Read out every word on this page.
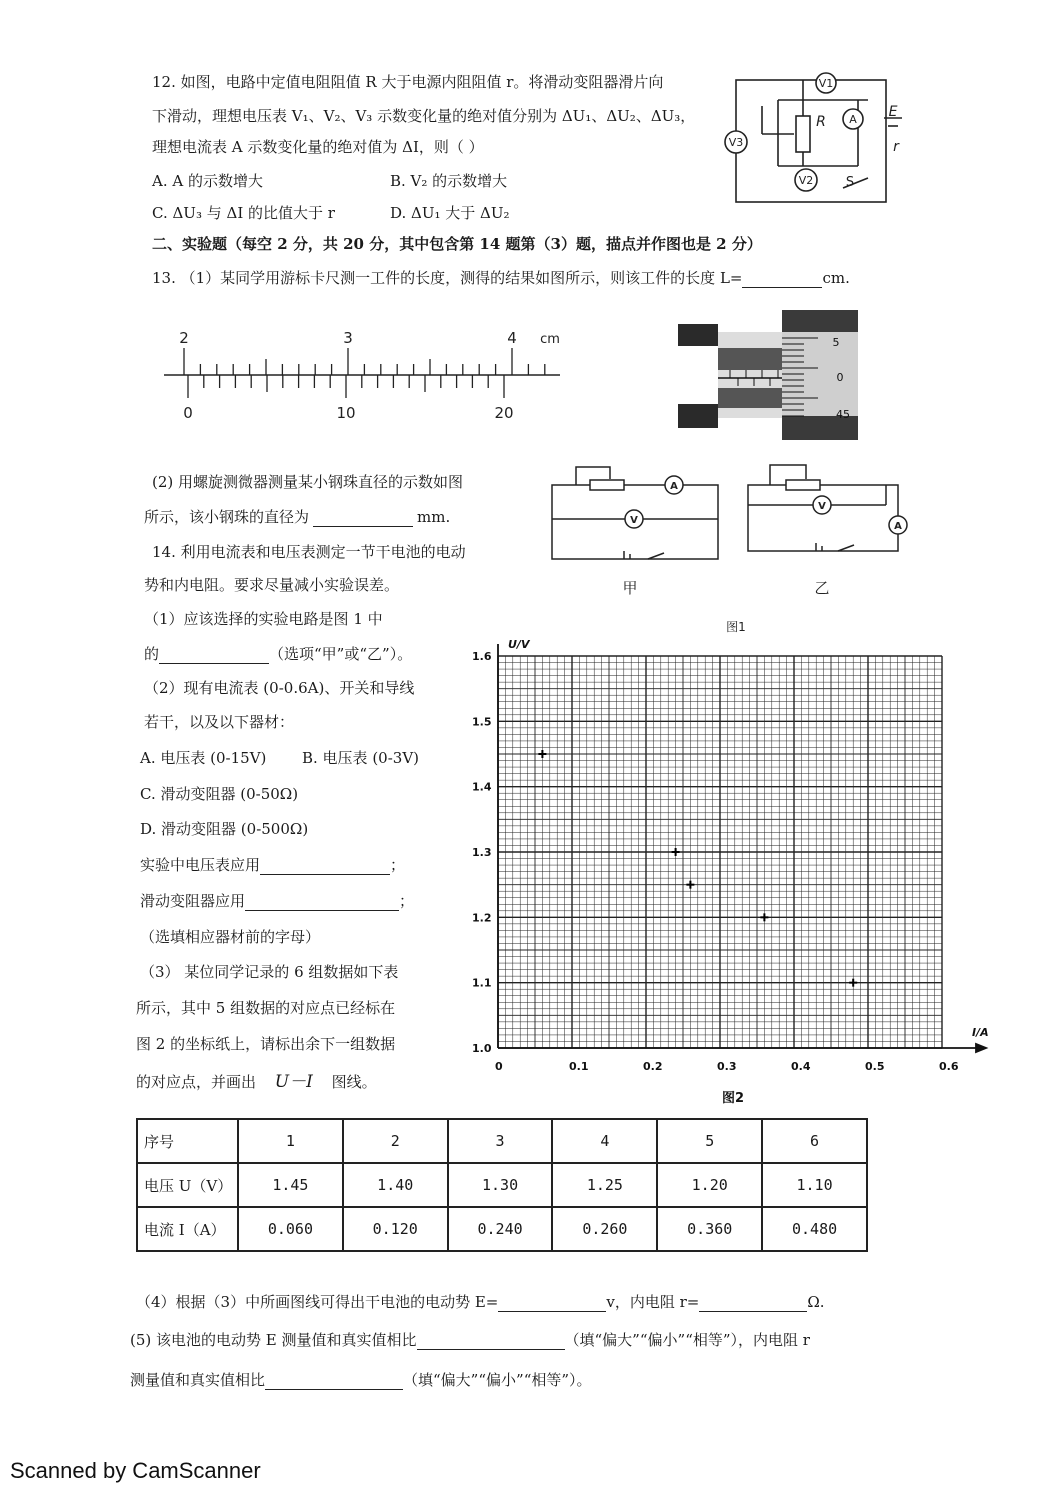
12. 如图，电路中定值电阻阻值 R 大于电源内阻阻值 r。将滑动变阻器滑片向
下滑动，理想电压表 V₁、V₂、V₃ 示数变化量的绝对值分别为 ΔU₁、ΔU₂、ΔU₃，
理想电流表 A 示数变化量的绝对值为 ΔI，则（ ）
A. A 的示数增大	B. V₂ 的示数增大
C. ΔU₃ 与 ΔI 的比值大于 r	D. ΔU₁ 大于 ΔU₂
V1
A
V3
V2
R
E
r
S
二、实验题（每空 2 分，共 20 分，其中包含第 14 题第（3）题，描点并作图也是 2 分）
13. （1）某同学用游标卡尺测一工件的长度，测得的结果如图所示，则该工件的长度 L=	cm.
2	3	4 cm
0	10	20
5
0
45
(2) 用螺旋测微器测量某小钢珠直径的示数如图
所示，该小钢珠的直径为	mm.
A
V
V
A
甲	乙
图1
14. 利用电流表和电压表测定一节干电池的电动
势和内电阻。要求尽量减小实验误差。
（1）应该选择的实验电路是图 1 中
的	（选项“甲”或“乙”）。
（2）现有电流表 (0-0.6A)、开关和导线
若干，以及以下器材：
A. 电压表 (0-15V) B. 电压表 (0-3V)
C. 滑动变阻器 (0-50Ω)
D. 滑动变阻器 (0-500Ω)
实验中电压表应用	；
滑动变阻器应用	；
（选填相应器材前的字母）
（3） 某位同学记录的 6 组数据如下表
所示，其中 5 组数据的对应点已经标在
图 2 的坐标纸上，请标出余下一组数据
的对应点，并画出 U－I 图线。
0	0.1	0.2	0.3	0.4	0.5	0.6
1.0
1.1
1.2
1.3
1.4
1.5
1.6
U/V
I/A
图2
序号	1	2	3	4	5	6
电压 U（V）	1.45	1.40	1.30	1.25	1.20	1.10
电流 I（A）	0.060	0.120	0.240	0.260	0.360	0.480
（4）根据（3）中所画图线可得出干电池的电动势 E=	v，内电阻 r=	Ω.
(5) 该电池的电动势 E 测量值和真实值相比	（填“偏大”“偏小”“相等”），内电阻 r
测量值和真实值相比	（填“偏大”“偏小”“相等”）。
Scanned by CamScanner
